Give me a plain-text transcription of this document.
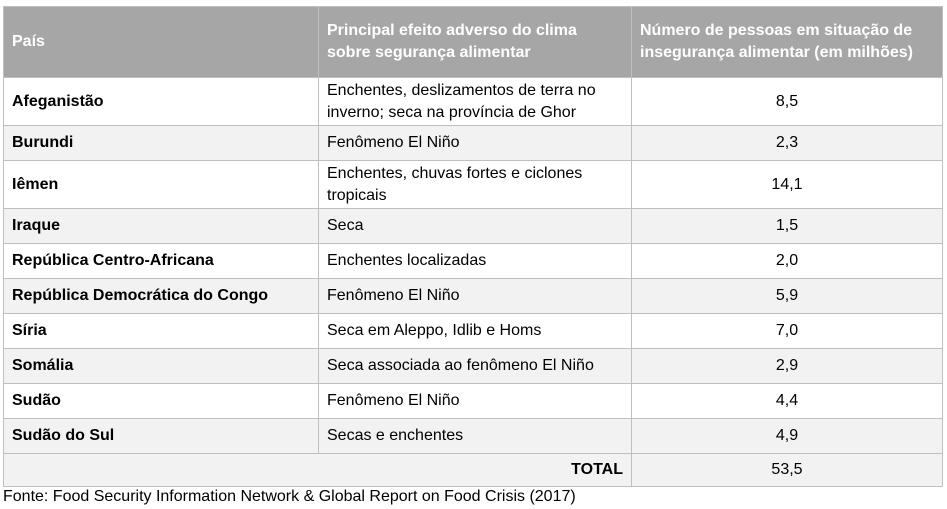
País	Principal efeito adverso do clima sobre segurança alimentar	Número de pessoas em situação de insegurança alimentar (em milhões)
Afeganistão	Enchentes, deslizamentos de terra no inverno; seca na província de Ghor	8,5
Burundi	Fenômeno El Niño	2,3
Iêmen	Enchentes, chuvas fortes e ciclones tropicais	14,1
Iraque	Seca	1,5
República Centro-Africana	Enchentes localizadas	2,0
República Democrática do Congo	Fenômeno El Niño	5,9
Síria	Seca em Aleppo, Idlib e Homs	7,0
Somália	Seca associada ao fenômeno El Niño	2,9
Sudão	Fenômeno El Niño	4,4
Sudão do Sul	Secas e enchentes	4,9
TOTAL		53,5
Fonte: Food Security Information Network & Global Report on Food Crisis (2017)
